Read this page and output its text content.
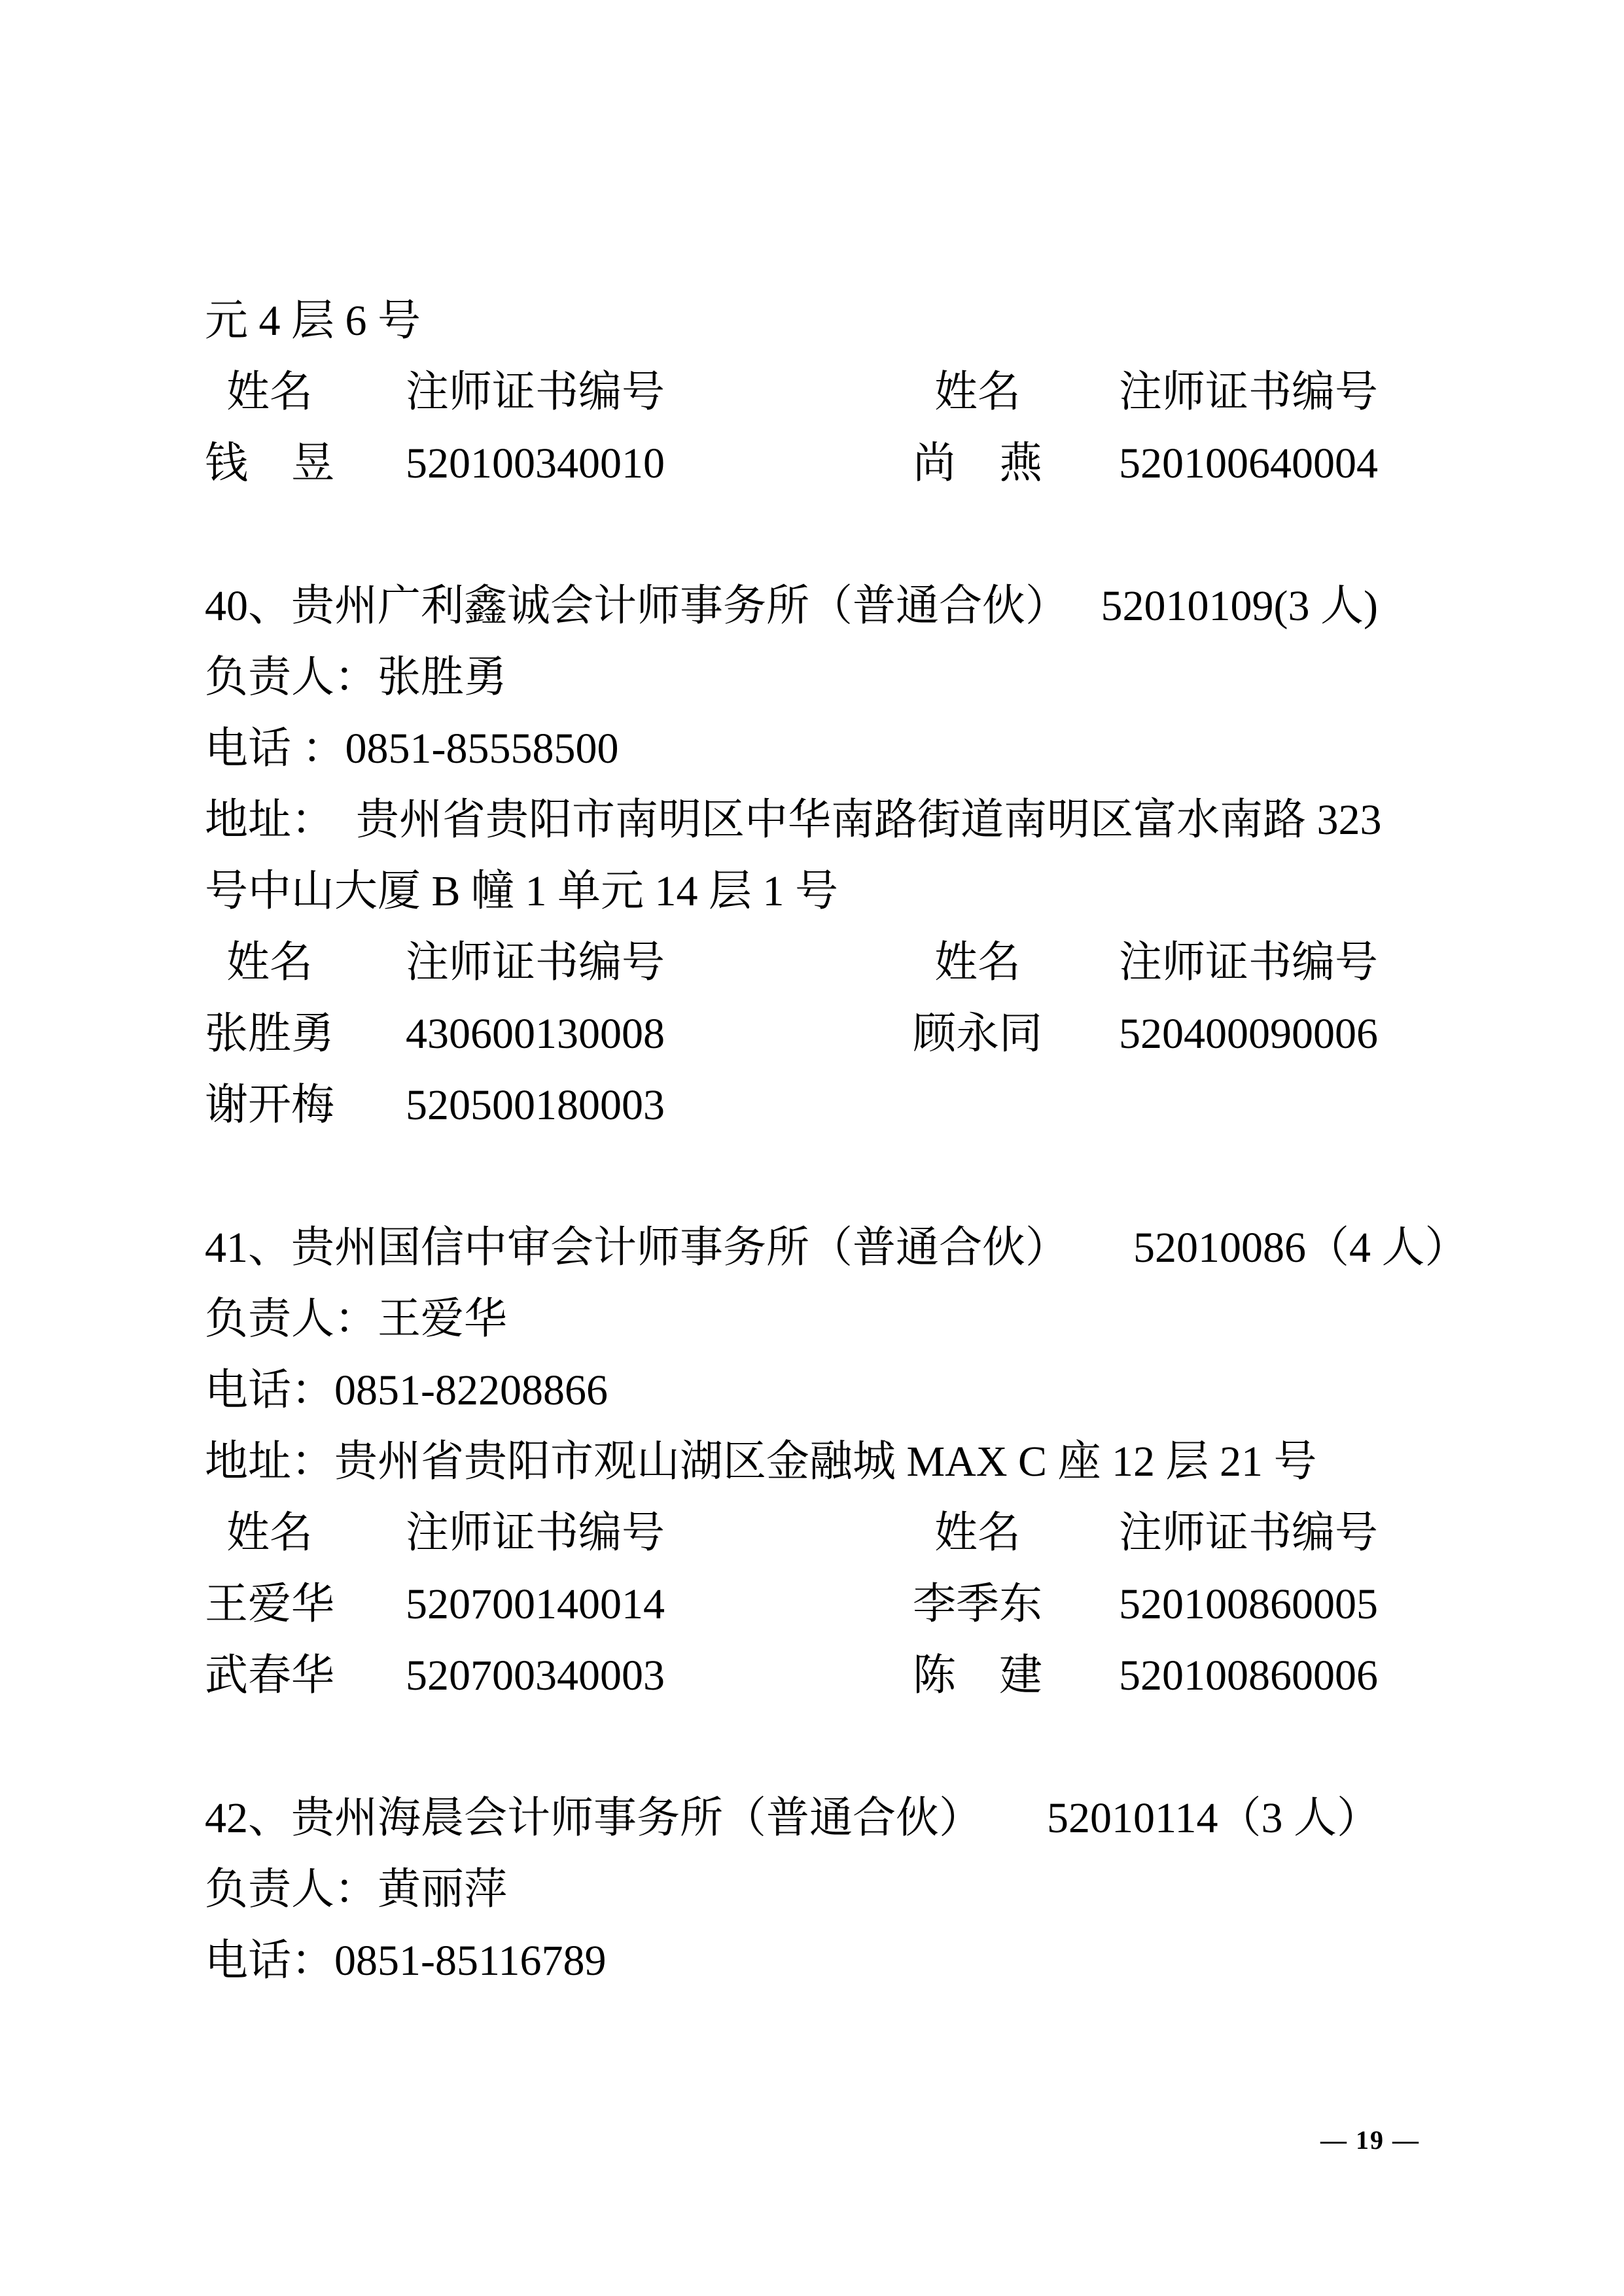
元 4 层 6 号
姓名	注师证书编号	姓名	注师证书编号
钱　昱	520100340010	尚　燕	520100640004
40、贵州广利鑫诚会计师事务所（普通合伙）　 52010109(3 人)
负责人：张胜勇
电话 ：0851-85558500
地址：  贵州省贵阳市南明区中华南路街道南明区富水南路 323
号中山大厦 B 幢 1 单元 14 层 1 号
姓名	注师证书编号	姓名	注师证书编号
张胜勇	430600130008	顾永同	520400090006
谢开梅	520500180003
41、贵州国信中审会计师事务所（普通合伙）　　52010086（4 人）
负责人：王爱华
电话：0851-82208866
地址：贵州省贵阳市观山湖区金融城 MAX C 座 12 层 21 号
姓名	注师证书编号	姓名	注师证书编号
王爱华	520700140014	李季东	520100860005
武春华	520700340003	陈　建	520100860006
42、贵州海晨会计师事务所（普通合伙）　　52010114（3 人）
负责人：黄丽萍
电话：0851-85116789
— 19 —
